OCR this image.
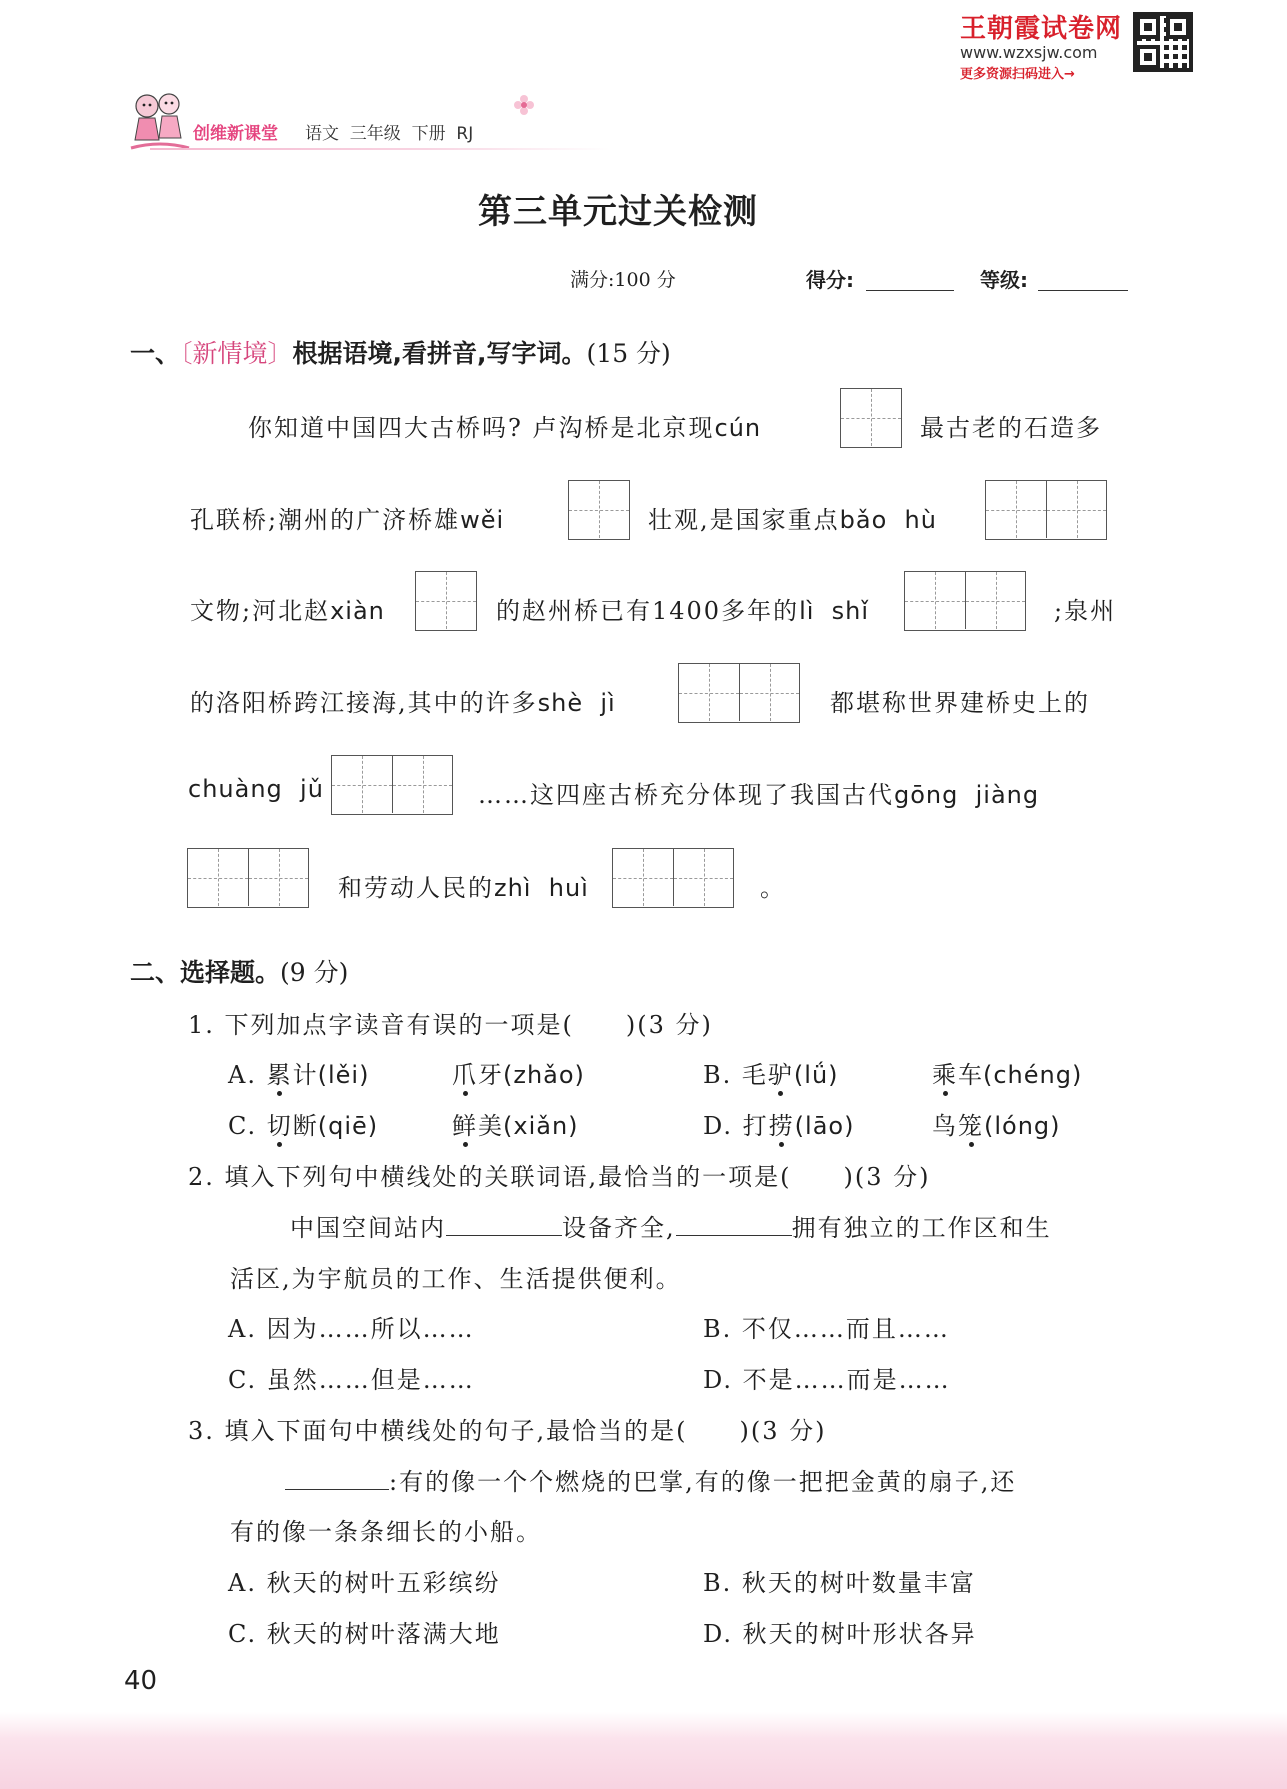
王朝霞试卷网
www.wzxsjw.com
更多资源扫码进入→
创维新课堂 语文  三年级  下册  RJ
第三单元过关检测
满分:100 分	得分:	等级:
一、〔新情境〕根据语境,看拼音,写字词。(15 分)
你知道中国四大古桥吗? 卢沟桥是北京现cún	最古老的石造多
孔联桥;潮州的广济桥雄wěi	壮观,是国家重点bǎo  hù
文物;河北赵xiàn	的赵州桥已有1400多年的lì  shǐ	;泉州
的洛阳桥跨江接海,其中的许多shè  jì	都堪称世界建桥史上的
chuàng  jǔ	……这四座古桥充分体现了我国古代gōng  jiàng
和劳动人民的zhì  huì	。
二、选择题。(9 分)
1. 下列加点字读音有误的一项是(　　)(3 分)
A. 累计(lěi)	爪牙(zhǎo)	B. 毛驴(lǘ)	乘车(chéng)
C. 切断(qiē)	鲜美(xiǎn)	D. 打捞(lāo)	鸟笼(lóng)
2. 填入下列句中横线处的关联词语,最恰当的一项是(　　)(3 分)
中国空间站内	设备齐全,	拥有独立的工作区和生
活区,为宇航员的工作、生活提供便利。
A. 因为……所以……	B. 不仅……而且……
C. 虽然……但是……	D. 不是……而是……
3. 填入下面句中横线处的句子,最恰当的是(　　)(3 分)
:有的像一个个燃烧的巴掌,有的像一把把金黄的扇子,还
有的像一条条细长的小船。
A. 秋天的树叶五彩缤纷	B. 秋天的树叶数量丰富
C. 秋天的树叶落满大地	D. 秋天的树叶形状各异
40
